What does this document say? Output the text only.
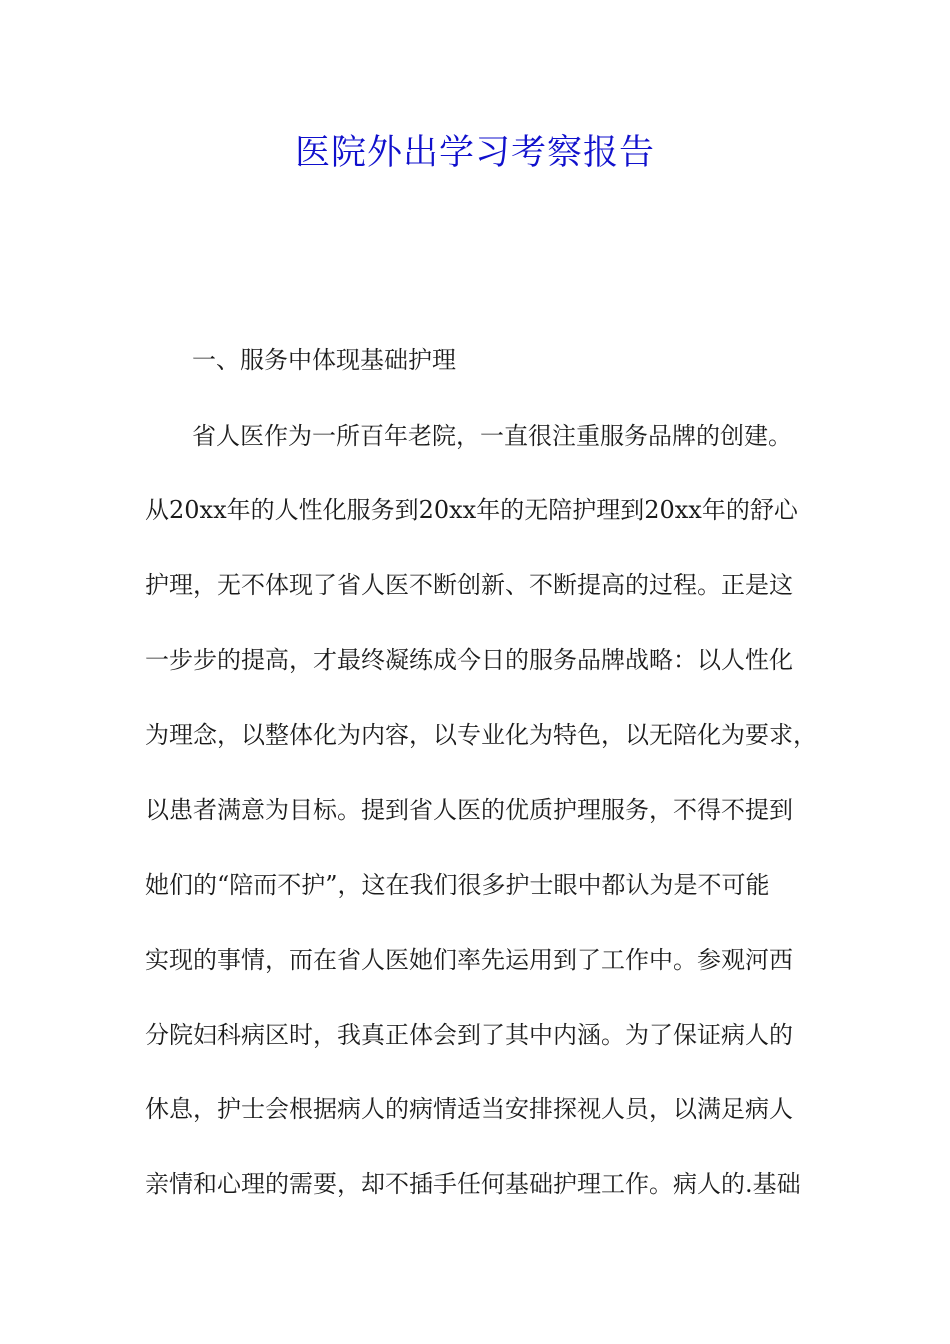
医院外出学习考察报告
一、服务中体现基础护理
省人医作为一所百年老院，一直很注重服务品牌的创建。
从20xx年的人性化服务到20xx年的无陪护理到20xx年的舒心
护理，无不体现了省人医不断创新、不断提高的过程。正是这
一步步的提高，才最终凝练成今日的服务品牌战略：以人性化
为理念，以整体化为内容，以专业化为特色，以无陪化为要求，
以患者满意为目标。提到省人医的优质护理服务，不得不提到
她们的“陪而不护”，这在我们很多护士眼中都认为是不可能
实现的事情，而在省人医她们率先运用到了工作中。参观河西
分院妇科病区时，我真正体会到了其中内涵。为了保证病人的
休息，护士会根据病人的病情适当安排探视人员，以满足病人
亲情和心理的需要，却不插手任何基础护理工作。病人的.基础
